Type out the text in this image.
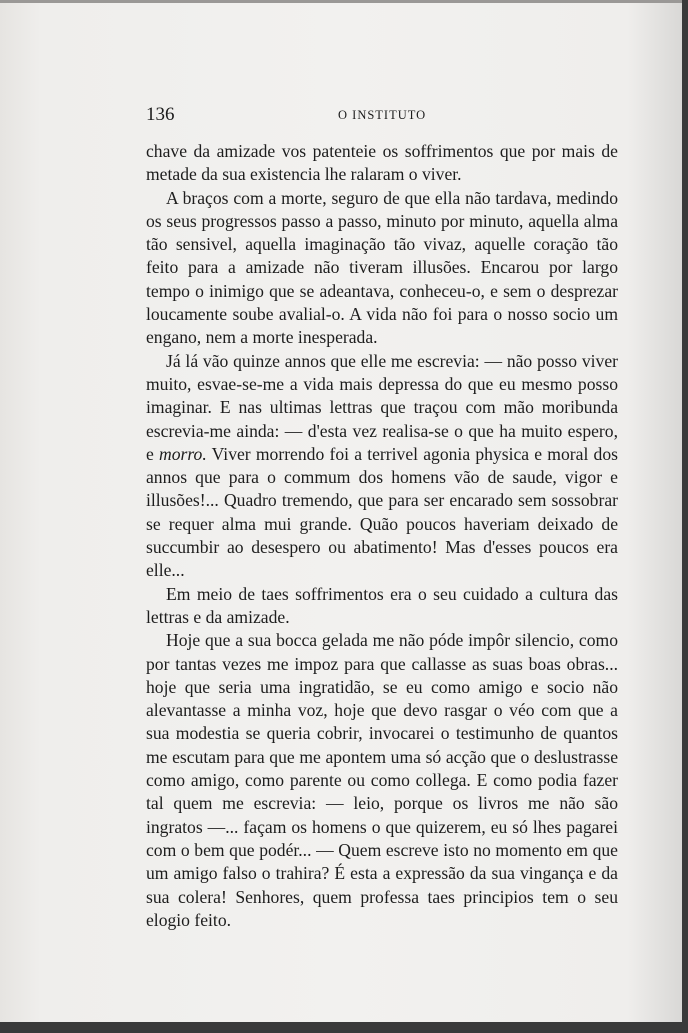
136	O INSTITUTO

chave da amizade vos patenteie os soffrimentos que por mais de metade da sua existencia lhe ralaram o viver.

A braços com a morte, seguro de que ella não tardava, medindo os seus progressos passo a passo, minuto por minuto, aquella alma tão sensivel, aquella imaginação tão vivaz, aquelle coração tão feito para a amizade não tiveram illusões. Encarou por largo tempo o inimigo que se adeantava, conheceu-o, e sem o desprezar loucamente soube avalial-o. A vida não foi para o nosso socio um engano, nem a morte inesperada.

Já lá vão quinze annos que elle me escrevia: — não posso viver muito, esvae-se-me a vida mais depressa do que eu mesmo posso imaginar. E nas ultimas lettras que traçou com mão moribunda escrevia-me ainda: — d'esta vez realisa-se o que ha muito espero, e morro. Viver morrendo foi a terrivel agonia physica e moral dos annos que para o commum dos homens vão de saude, vigor e illusões!... Quadro tremendo, que para ser encarado sem sossobrar se requer alma mui grande. Quão poucos haveriam deixado de succumbir ao desespero ou abatimento! Mas d'esses poucos era elle...

Em meio de taes soffrimentos era o seu cuidado a cultura das lettras e da amizade.

Hoje que a sua bocca gelada me não póde impôr silencio, como por tantas vezes me impoz para que callasse as suas boas obras... hoje que seria uma ingratidão, se eu como amigo e socio não alevantasse a minha voz, hoje que devo rasgar o véo com que a sua modestia se queria cobrir, invocarei o testimunho de quantos me escutam para que me apontem uma só acção que o deslustrasse como amigo, como parente ou como collega. E como podia fazer tal quem me escrevia: — leio, porque os livros me não são ingratos —... façam os homens o que quizerem, eu só lhes pagarei com o bem que podér... — Quem escreve isto no momento em que um amigo falso o trahira? É esta a expressão da sua vingança e da sua colera! Senhores, quem professa taes principios tem o seu elogio feito.
